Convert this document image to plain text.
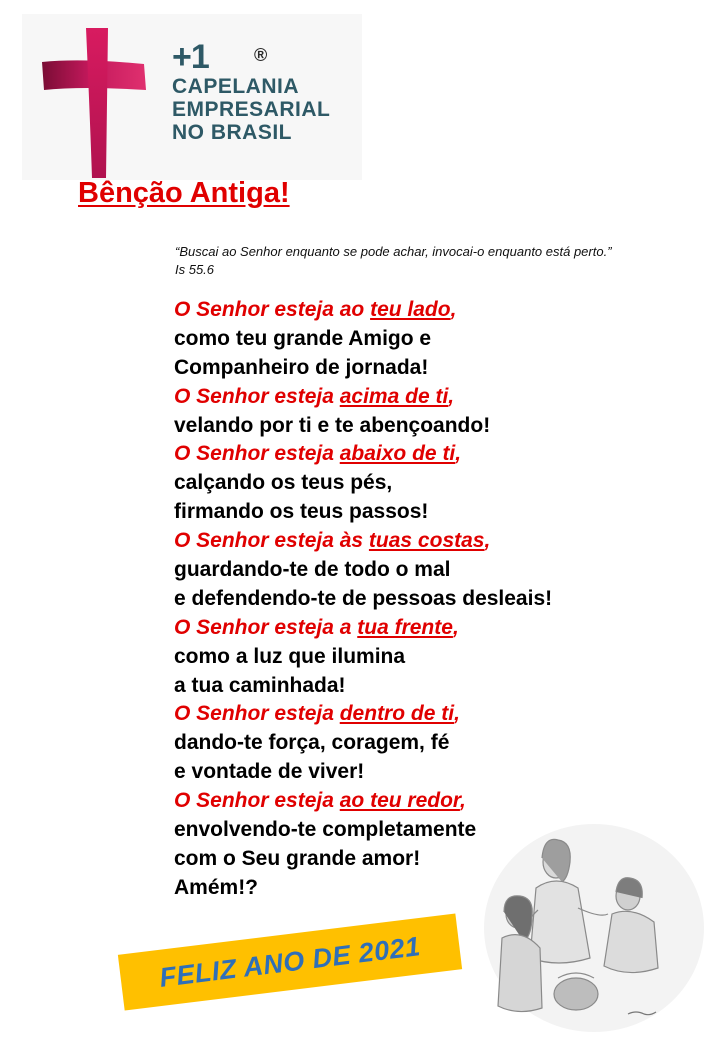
+1	®
CAPELANIA
EMPRESARIAL
NO BRASIL
Bênção Antiga!

“Buscai ao Senhor enquanto se pode achar, invocai-o enquanto está perto.” Is 55.6

O Senhor esteja ao teu lado,
como teu grande Amigo e
Companheiro de jornada!
O Senhor esteja acima de ti,
velando por ti e te abençoando!
O Senhor esteja abaixo de ti,
calçando os teus pés,
firmando os teus passos!
O Senhor esteja às tuas costas,
guardando-te de todo o mal
e defendendo-te de pessoas desleais!
O Senhor esteja a tua frente,
como a luz que ilumina
a tua caminhada!
O Senhor esteja dentro de ti,
dando-te força, coragem, fé
e vontade de viver!
O Senhor esteja ao teu redor,
envolvendo-te completamente
com o Seu grande amor!
Amém!?
FELIZ ANO DE 2021
